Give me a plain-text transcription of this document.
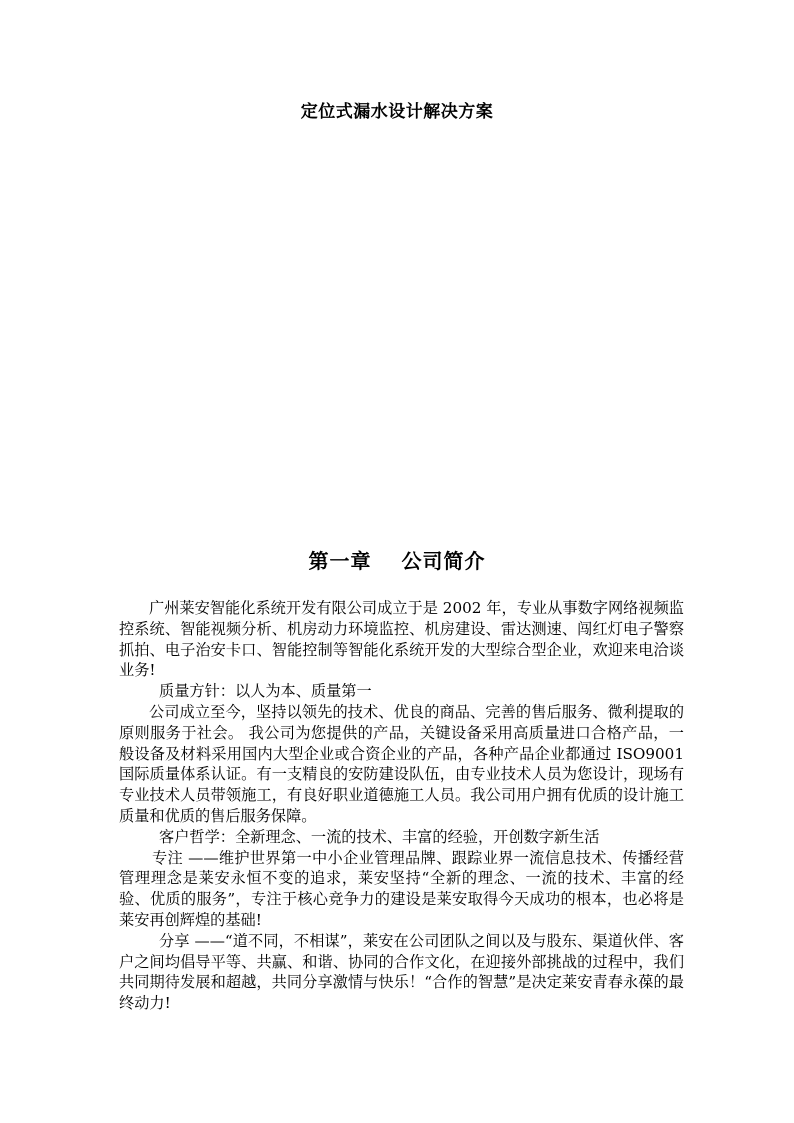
定位式漏水设计解决方案
第一章 公司简介

广州莱安智能化系统开发有限公司成立于是 2002 年，专业从事数字网络视频监控系统、智能视频分析、机房动力环境监控、机房建设、雷达测速、闯红灯电子警察抓拍、电子治安卡口、智能控制等智能化系统开发的大型综合型企业，欢迎来电洽谈业务!

质量方针：以人为本、质量第一

公司成立至今，坚持以领先的技术、优良的商品、完善的售后服务、微利提取的原则服务于社会。 我公司为您提供的产品，关键设备采用高质量进口合格产品，一般设备及材料采用国内大型企业或合资企业的产品，各种产品企业都通过 ISO9001 国际质量体系认证。有一支精良的安防建设队伍，由专业技术人员为您设计，现场有专业技术人员带领施工，有良好职业道德施工人员。我公司用户拥有优质的设计施工质量和优质的售后服务保障。

客户哲学：全新理念、一流的技术、丰富的经验，开创数字新生活

专注 ——维护世界第一中小企业管理品牌、跟踪业界一流信息技术、传播经营管理理念是莱安永恒不变的追求，莱安坚持“全新的理念、一流的技术、丰富的经验、优质的服务”，专注于核心竞争力的建设是莱安取得今天成功的根本，也必将是莱安再创辉煌的基础!

分享 ——“道不同，不相谋”，莱安在公司团队之间以及与股东、渠道伙伴、客户之间均倡导平等、共赢、和谐、协同的合作文化，在迎接外部挑战的过程中，我们共同期待发展和超越，共同分享激情与快乐！“合作的智慧”是决定莱安青春永葆的最终动力!
